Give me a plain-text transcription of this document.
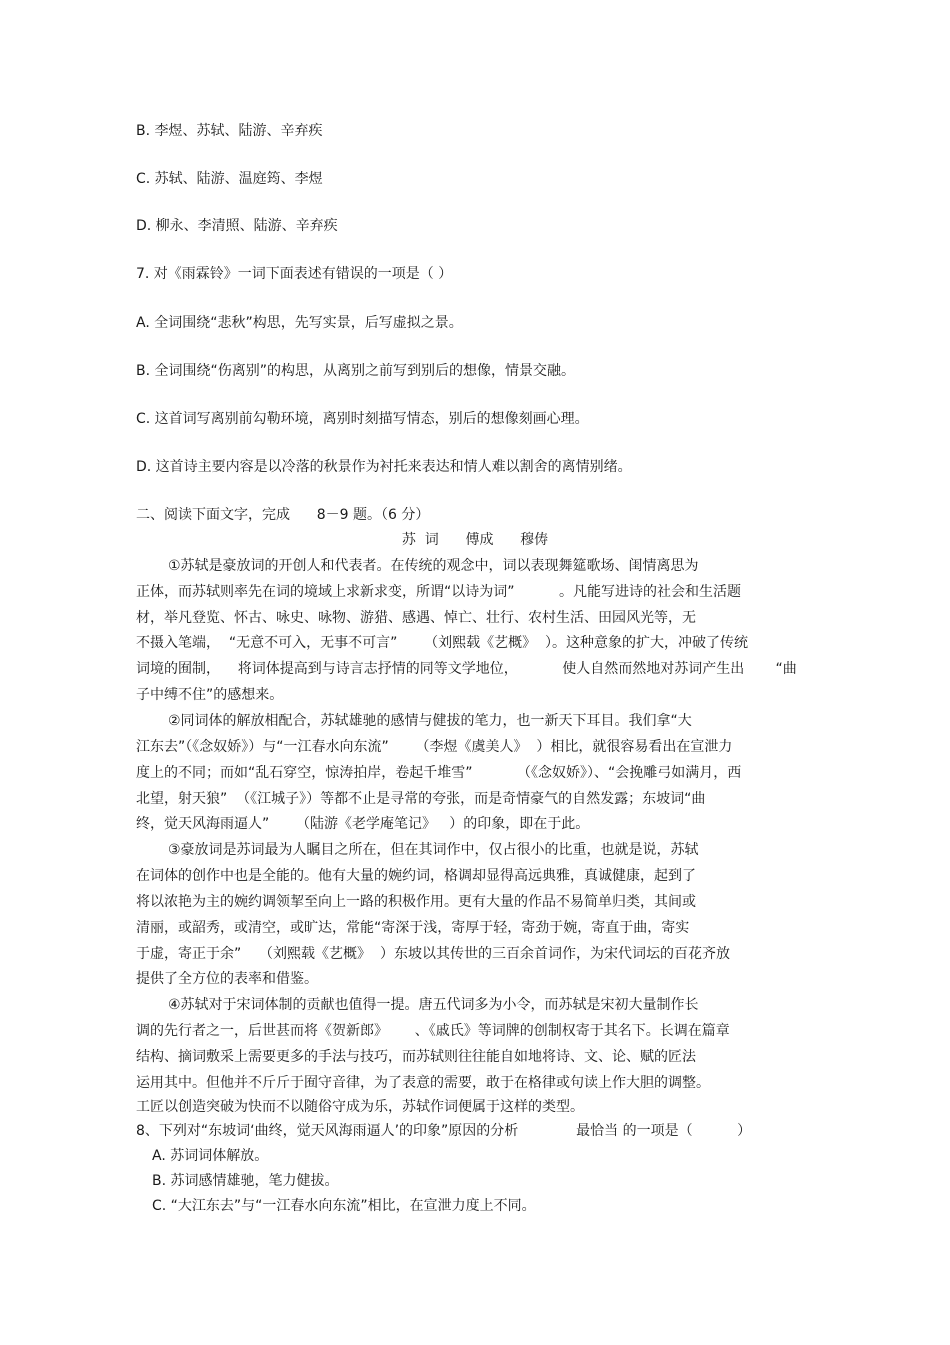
B. 李煜、苏轼、陆游、辛弃疾
C. 苏轼、陆游、温庭筠、李煜
D. 柳永、李清照、陆游、辛弃疾
7. 对《雨霖铃》一词下面表述有错误的一项是（ ）
A. 全词围绕“悲秋”构思，先写实景，后写虚拟之景。
B. 全词围绕“伤离别”的构思，从离别之前写到别后的想像，情景交融。
C. 这首词写离别前勾勒环境，离别时刻描写情态，别后的想像刻画心理。
D. 这首诗主要内容是以冷落的秋景作为衬托来表达和情人难以割舍的离情别绪。
二、阅读下面文字，完成      8－9 题。（6 分）
苏  词      傅成      穆俦
①苏轼是豪放词的开创人和代表者。在传统的观念中，词以表现舞筵歌场、闺情离思为
正体，而苏轼则率先在词的境域上求新求变，所谓“以诗为词”          。凡能写进诗的社会和生活题
材，举凡登览、怀古、咏史、咏物、游猎、感遇、悼亡、壮行、农村生活、田园风光等，无
不摄入笔端，  “无意不可入，无事不可言”      （刘熙载《艺概》  ）。这种意象的扩大，冲破了传统
词境的囿制，    将词体提高到与诗言志抒情的同等文学地位，          使人自然而然地对苏词产生出       “曲
子中缚不住”的感想来。
②同词体的解放相配合，苏轼雄驰的感情与健拔的笔力，也一新天下耳目。我们拿“大
江东去”（《念奴娇》）与“一江春水向东流”      （李煜《虞美人》  ）相比，就很容易看出在宣泄力
度上的不同；而如“乱石穿空，惊涛拍岸，卷起千堆雪”          （《念奴娇》）、“会挽雕弓如满月，西
北望，射天狼”  （《江城子》）等都不止是寻常的夸张，而是奇情豪气的自然发露；东坡词“曲
终，觉天风海雨逼人”      （陆游《老学庵笔记》   ）的印象，即在于此。
③豪放词是苏词最为人瞩目之所在，但在其词作中，仅占很小的比重，也就是说，苏轼
在词体的创作中也是全能的。他有大量的婉约词，格调却显得高远典雅，真诚健康，起到了
将以浓艳为主的婉约调领挈至向上一路的积极作用。更有大量的作品不易简单归类，其间或
清丽，或韶秀，或清空，或旷达，常能“寄深于浅，寄厚于轻，寄劲于婉，寄直于曲，寄实
于虚，寄正于余”    （刘熙载《艺概》  ）东坡以其传世的三百余首词作，为宋代词坛的百花齐放
提供了全方位的表率和借鉴。
④苏轼对于宋词体制的贡献也值得一提。唐五代词多为小令，而苏轼是宋初大量制作长
调的先行者之一，后世甚而将《贺新郎》      、《戚氏》等词牌的创制权寄于其名下。长调在篇章
结构、摘词敷采上需要更多的手法与技巧，而苏轼则往往能自如地将诗、文、论、赋的匠法
运用其中。但他并不斤斤于囿守音律，为了表意的需要，敢于在格律或句读上作大胆的调整。
工匠以创造突破为快而不以随俗守成为乐，苏轼作词便属于这样的类型。
8、下列对“东坡词‘曲终，觉天风海雨逼人’的印象”原因的分析             最恰当 的一项是（          ）
A. 苏词词体解放。
B. 苏词感情雄驰，笔力健拔。
C. “大江东去”与“一江春水向东流”相比，在宣泄力度上不同。
